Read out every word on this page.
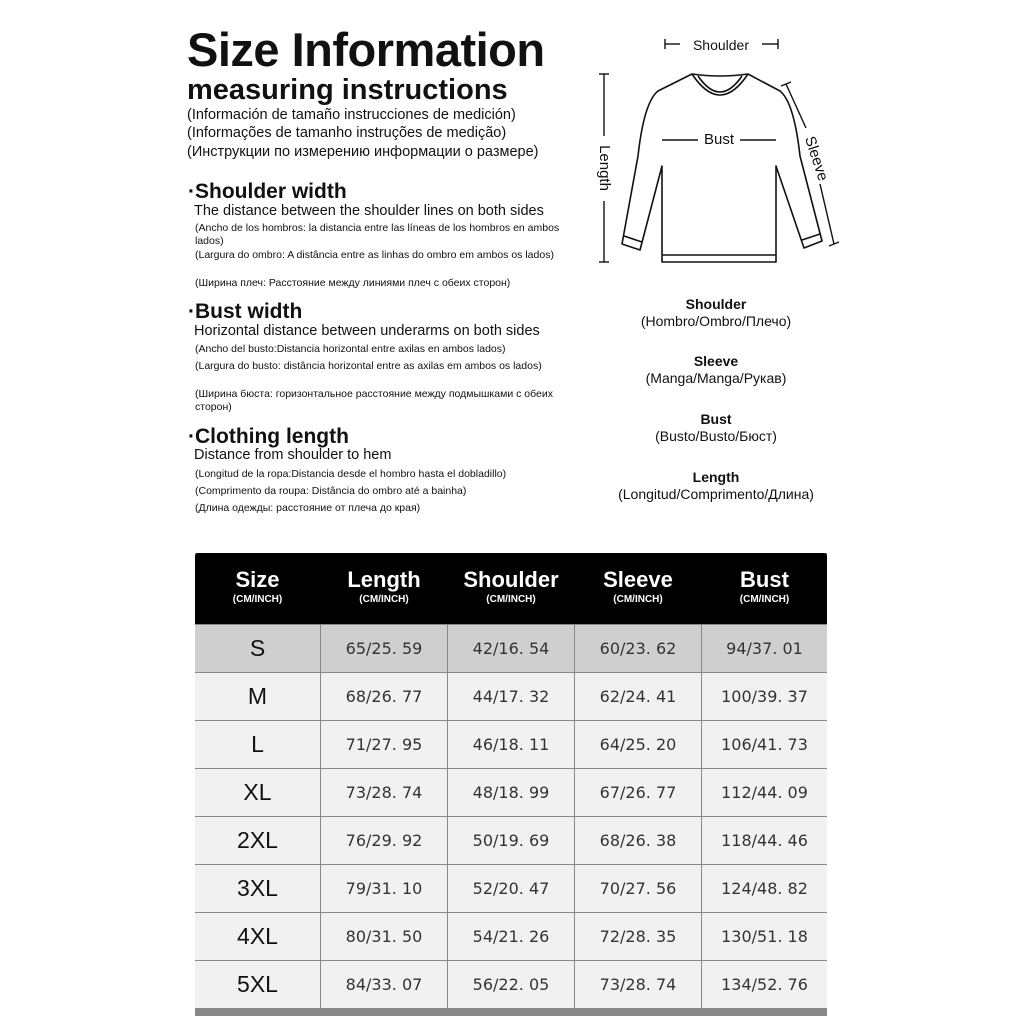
Size Information
measuring instructions
(Información de tamaño instrucciones de medición)
(Informações de tamanho instruções de medição)
(Инструкции по измерению информации о размере)
·Shoulder width
The distance between the shoulder lines on both sides
(Ancho de los hombros: la distancia entre las líneas de los hombros en ambos lados)
(Largura do ombro: A distância entre as linhas do ombro em ambos os lados)
(Ширина плеч: Расстояние между линиями плеч с обеих сторон)
·Bust width
Horizontal distance between underarms on both sides
(Ancho del busto:Distancia horizontal entre axilas en ambos lados)
(Largura do busto: distância horizontal entre as axilas em ambos os lados)
(Ширина бюста: горизонтальное расстояние между подмышками с обеих сторон)
·Clothing length
Distance from shoulder to hem
(Longitud de la ropa:Distancia desde el hombro hasta el dobladillo)
(Comprimento da roupa: Distância do ombro até a bainha)
(Длина одежды: расстояние от плеча до края)
Shoulder
Bust
Length	Sleeve
Shoulder
(Hombro/Ombro/Плечо)
Sleeve
(Manga/Manga/Рукав)
Bust
(Busto/Busto/Бюст)
Length
(Longitud/Comprimento/Длина)
Size
(CM/INCH)
Length
(CM/INCH)
Shoulder
(CM/INCH)
Sleeve
(CM/INCH)
Bust
(CM/INCH)
S	65/25. 59	42/16. 54	60/23. 62	94/37. 01
M	68/26. 77	44/17. 32	62/24. 41	100/39. 37
L	71/27. 95	46/18. 11	64/25. 20	106/41. 73
XL	73/28. 74	48/18. 99	67/26. 77	112/44. 09
2XL	76/29. 92	50/19. 69	68/26. 38	118/44. 46
3XL	79/31. 10	52/20. 47	70/27. 56	124/48. 82
4XL	80/31. 50	54/21. 26	72/28. 35	130/51. 18
5XL	84/33. 07	56/22. 05	73/28. 74	134/52. 76
